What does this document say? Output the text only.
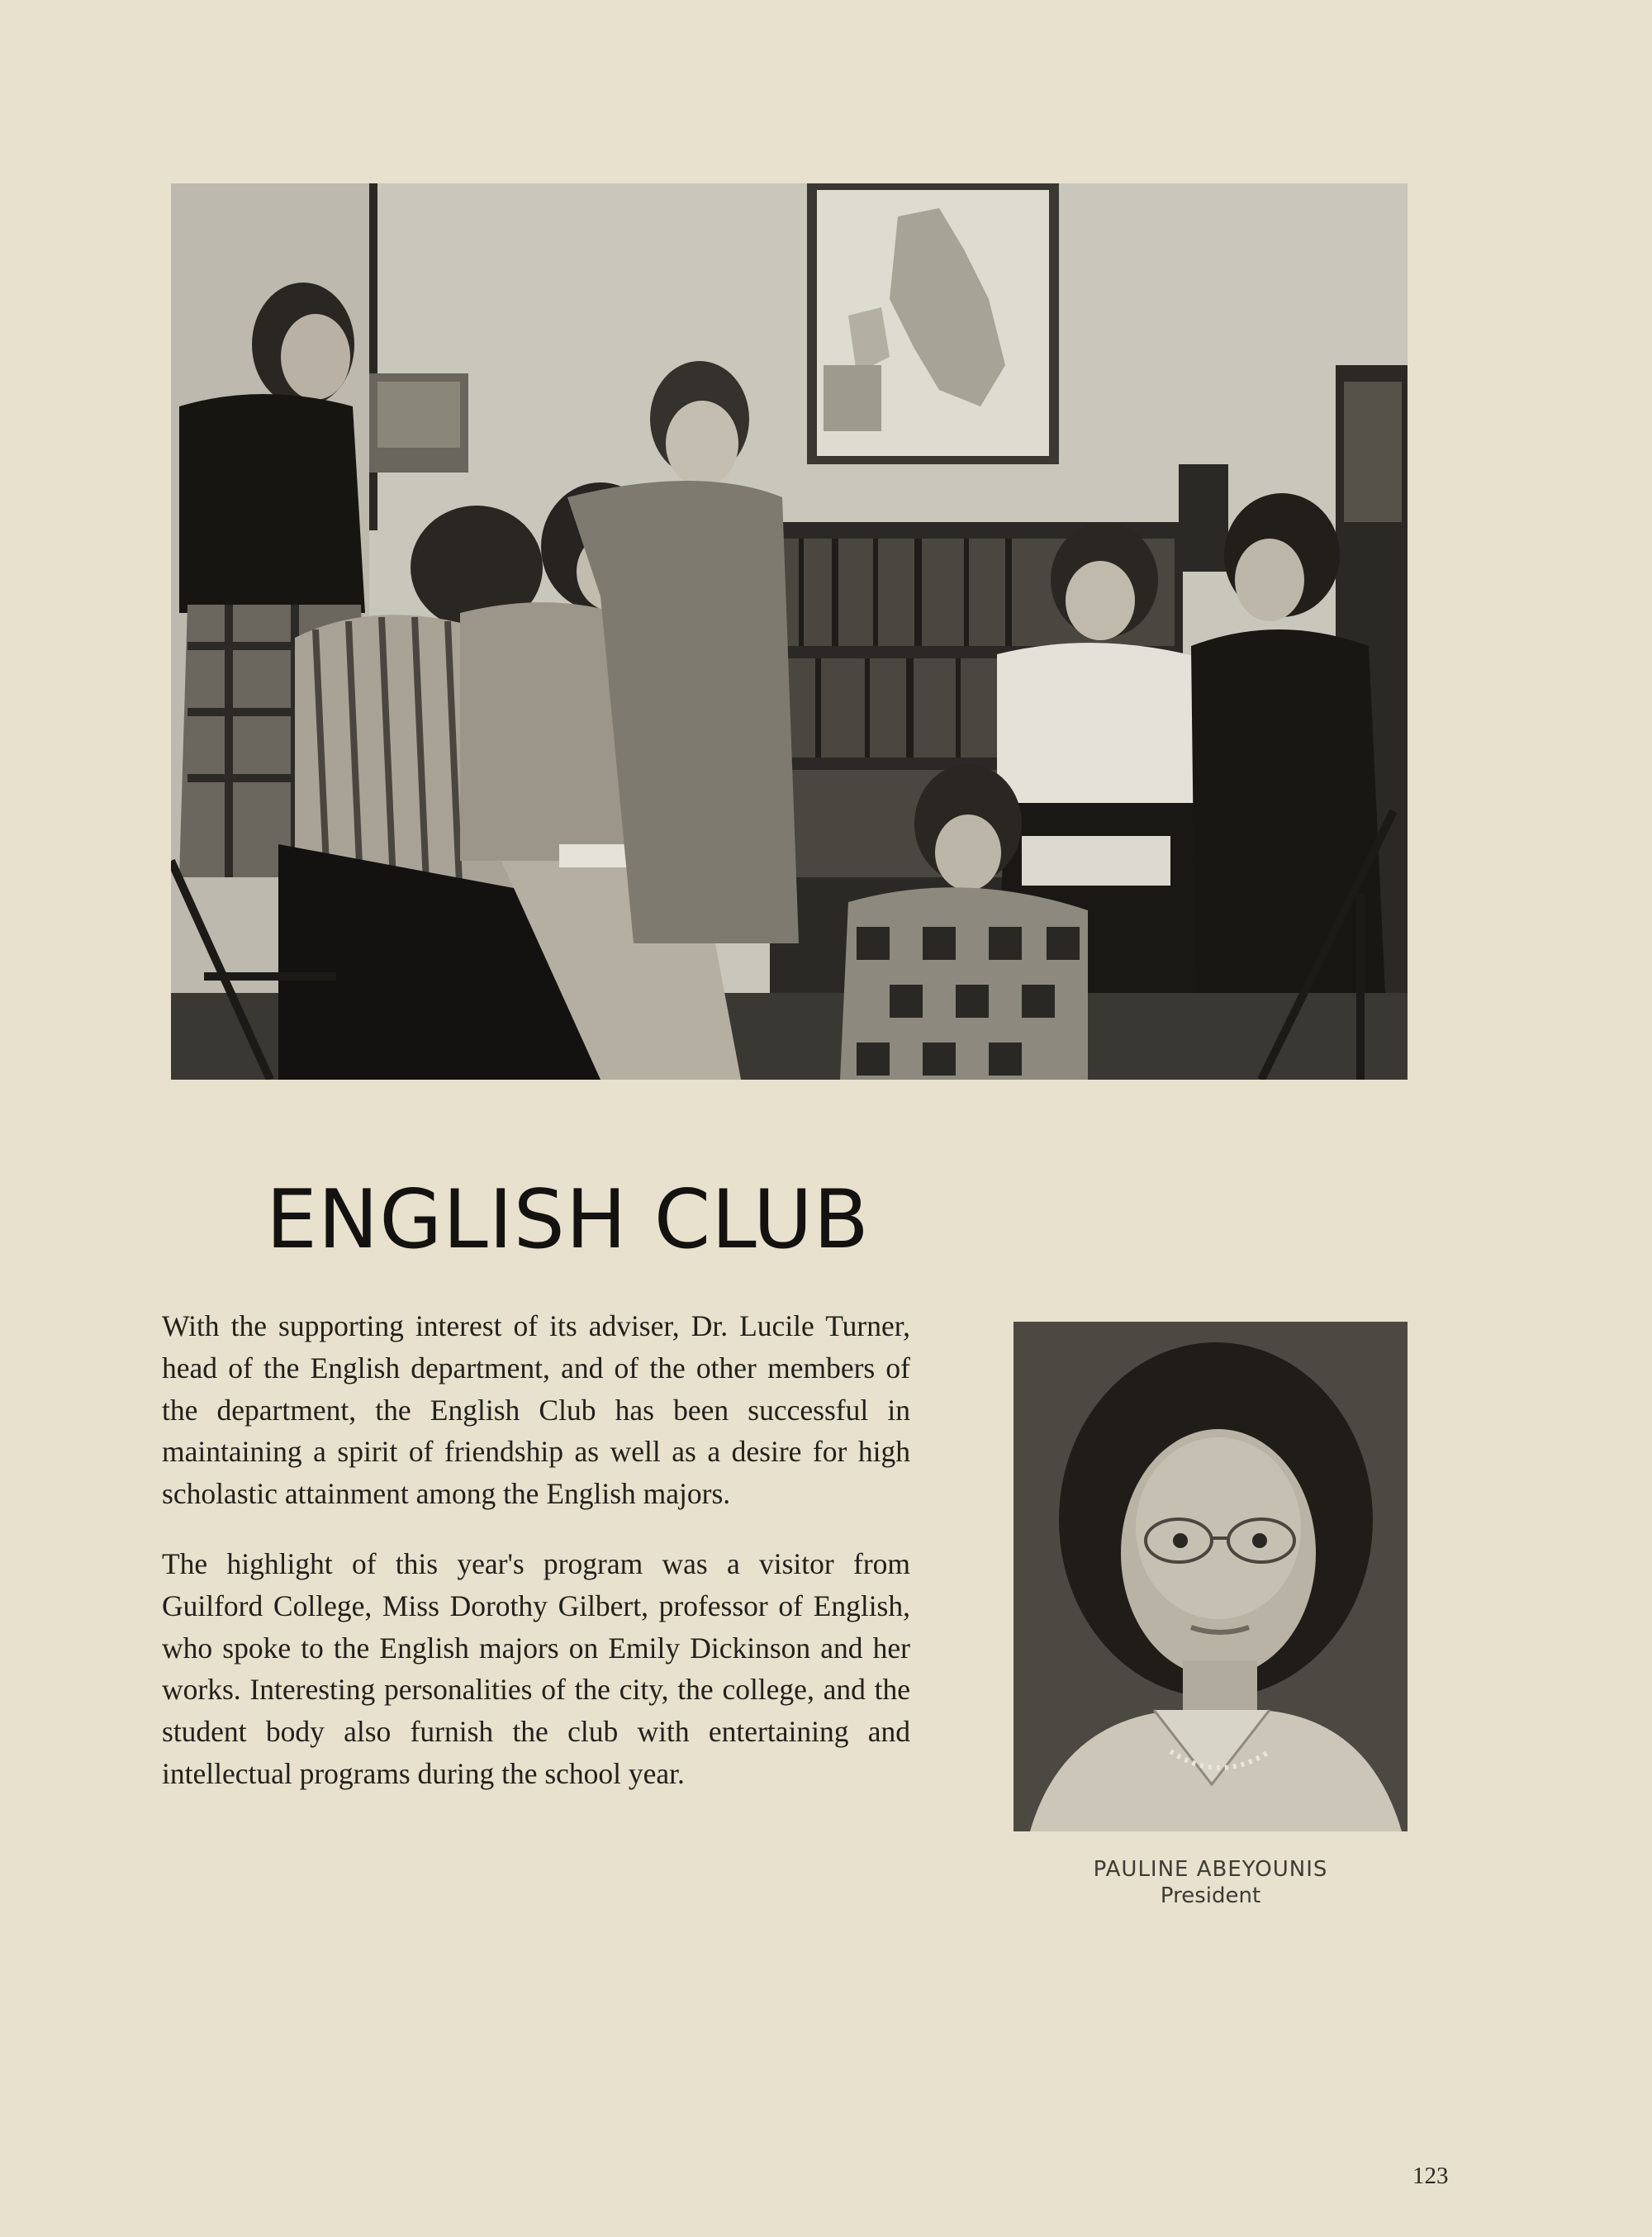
ENGLISH CLUB

With the supporting interest of its adviser, Dr. Lucile Turner, head of the English department, and of the other members of the department, the English Club has been successful in maintaining a spirit of friendship as well as a desire for high scholastic attainment among the English majors.

The highlight of this year's program was a visitor from Guilford College, Miss Dorothy Gilbert, professor of English, who spoke to the English majors on Emily Dickinson and her works. Interesting personalities of the city, the college, and the student body also furnish the club with entertaining and intellectual programs during the school year.

PAULINE ABEYOUNIS
President
123
